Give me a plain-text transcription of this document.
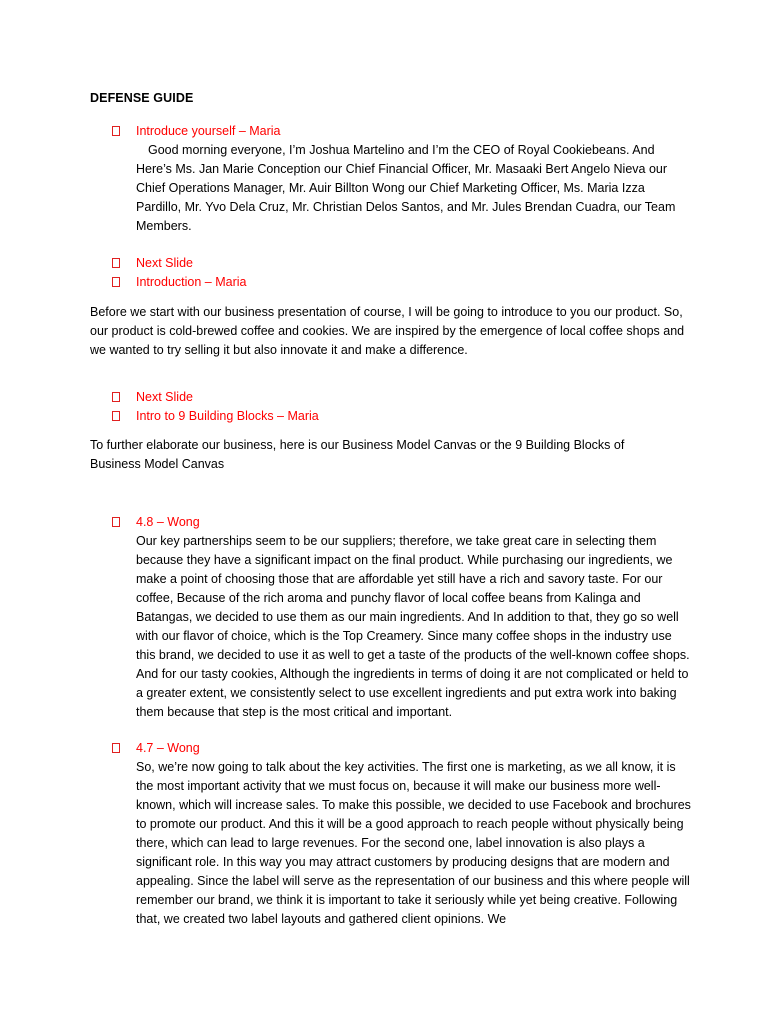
DEFENSE GUIDE
Introduce yourself – Maria

Good morning everyone, I’m Joshua Martelino and I’m the CEO of Royal Cookiebeans. And Here’s Ms. Jan Marie Conception our Chief Financial Officer, Mr. Masaaki Bert Angelo Nieva our Chief Operations Manager, Mr. Auir Billton Wong our Chief Marketing Officer, Ms. Maria Izza Pardillo, Mr. Yvo Dela Cruz, Mr. Christian Delos Santos, and Mr. Jules Brendan Cuadra, our Team Members.

Next Slide
Introduction – Maria

Before we start with our business presentation of course, I will be going to introduce to you our product. So, our product is cold-brewed coffee and cookies. We are inspired by the emergence of local coffee shops and we wanted to try selling it but also innovate it and make a difference.

Next Slide
Intro to 9 Building Blocks – Maria

To further elaborate our business, here is our Business Model Canvas or the 9 Building Blocks of Business Model Canvas

4.8 – Wong

Our key partnerships seem to be our suppliers; therefore, we take great care in selecting them because they have a significant impact on the final product. While purchasing our ingredients, we make a point of choosing those that are affordable yet still have a rich and savory taste. For our coffee, Because of the rich aroma and punchy flavor of local coffee beans from Kalinga and Batangas, we decided to use them as our main ingredients. And In addition to that, they go so well with our flavor of choice, which is the Top Creamery. Since many coffee shops in the industry use this brand, we decided to use it as well to get a taste of the products of the well-known coffee shops. And for our tasty cookies, Although the ingredients in terms of doing it are not complicated or held to a greater extent, we consistently select to use excellent ingredients and put extra work into baking them because that step is the most critical and important.

4.7 – Wong

So, we’re now going to talk about the key activities. The first one is marketing, as we all know, it is the most important activity that we must focus on, because it will make our business more well-known, which will increase sales. To make this possible, we decided to use Facebook and brochures to promote our product. And this it will be a good approach to reach people without physically being there, which can lead to large revenues. For the second one, label innovation is also plays a significant role. In this way you may attract customers by producing designs that are modern and appealing. Since the label will serve as the representation of our business and this where people will remember our brand, we think it is important to take it seriously while yet being creative. Following that, we created two label layouts and gathered client opinions. We
